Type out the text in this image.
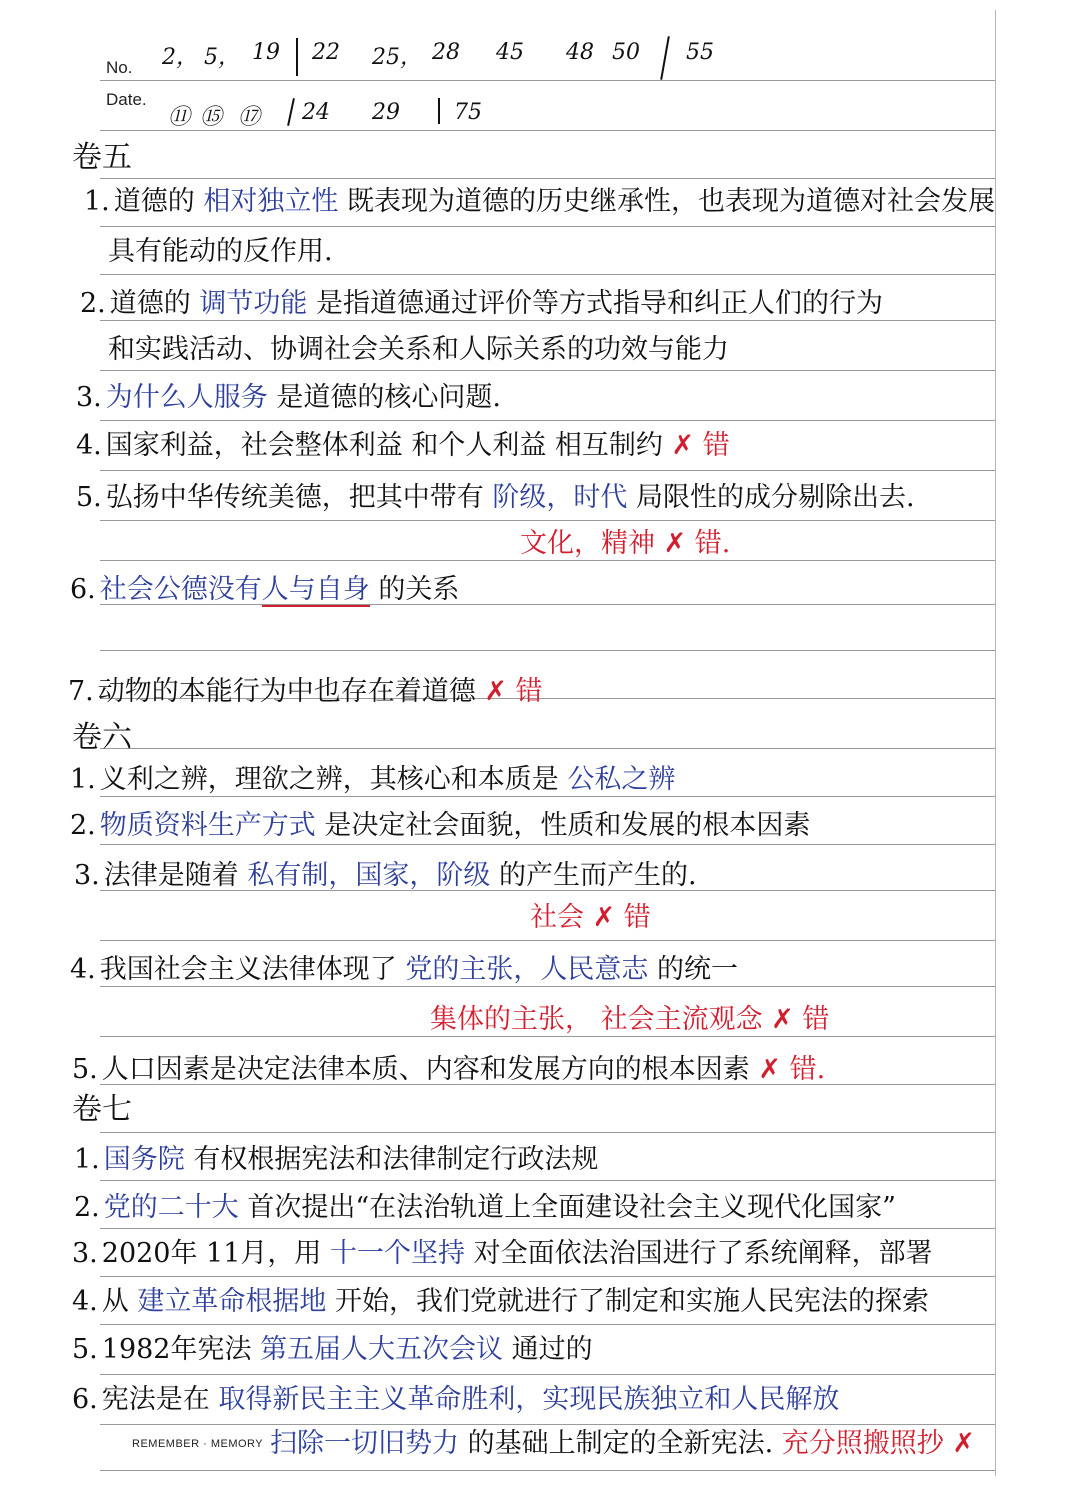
No.
Date.
2， 5， 19 22 25， 28 45 48 50 55
⑪ ⑮ ⑰ 24 29 75
卷五
1. 道德的 相对独立性 既表现为道德的历史继承性，也表现为道德对社会发展
具有能动的反作用.
2. 道德的 调节功能 是指道德通过评价等方式指导和纠正人们的行为
和实践活动、协调社会关系和人际关系的功效与能力
3. 为什么人服务 是道德的核心问题.
4. 国家利益，社会整体利益 和个人利益 相互制约 ✗ 错
5. 弘扬中华传统美德，把其中带有 阶级，时代 局限性的成分剔除出去.
文化，精神 ✗ 错.
6. 社会公德没有人与自身 的关系
7. 动物的本能行为中也存在着道德 ✗ 错
卷六
1. 义利之辨，理欲之辨，其核心和本质是 公私之辨
2. 物质资料生产方式 是决定社会面貌，性质和发展的根本因素
3. 法律是随着 私有制，国家，阶级 的产生而产生的.
社会 ✗ 错
4. 我国社会主义法律体现了 党的主张，人民意志 的统一
集体的主张， 社会主流观念 ✗ 错
5. 人口因素是决定法律本质、内容和发展方向的根本因素 ✗ 错.
卷七
1. 国务院 有权根据宪法和法律制定行政法规
2. 党的二十大 首次提出“在法治轨道上全面建设社会主义现代化国家”
3. 2020年 11月，用 十一个坚持 对全面依法治国进行了系统阐释，部署
4. 从 建立革命根据地 开始，我们党就进行了制定和实施人民宪法的探索
5. 1982年宪法 第五届人大五次会议 通过的
6. 宪法是在 取得新民主主义革命胜利，实现民族独立和人民解放
扫除一切旧势力 的基础上制定的全新宪法. 充分照搬照抄 ✗
REMEMBER · MEMORY
